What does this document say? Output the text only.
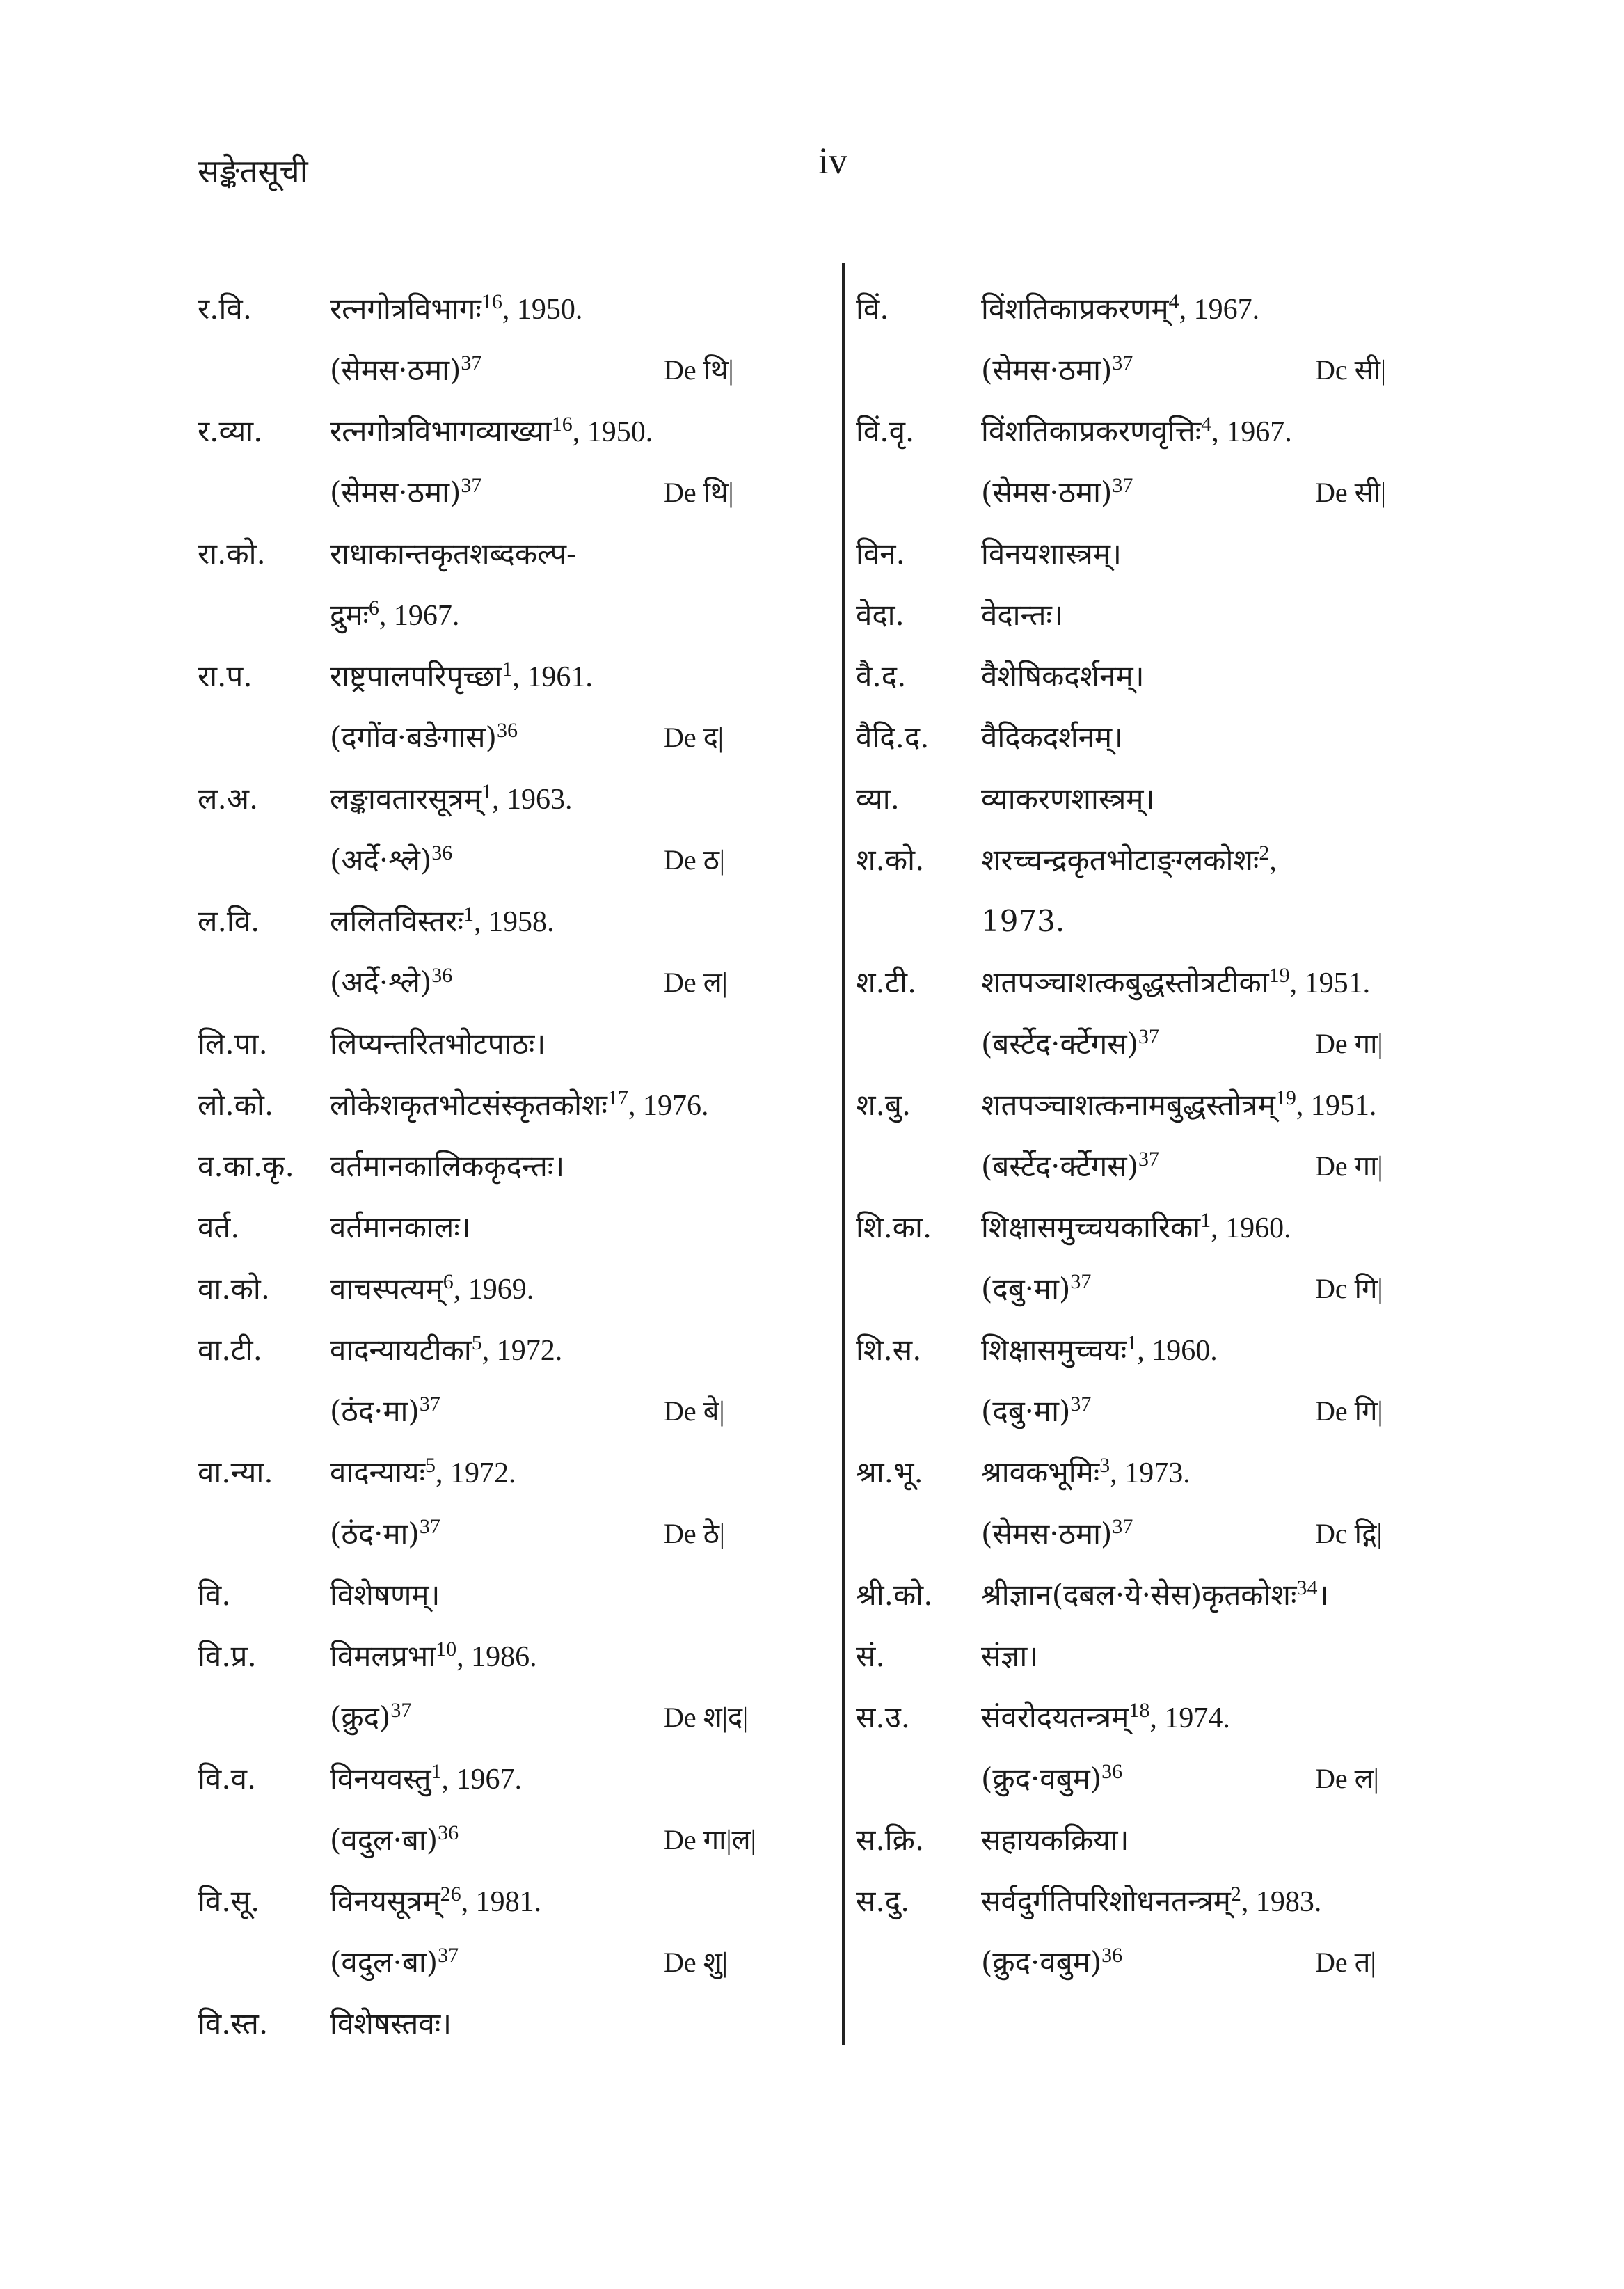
सङ्केतसूची	iv
र.वि.	रत्नगोत्रविभागः$^{16}$, 1950.
(सेमस·ठमा)$^{37}$	De थि|
र.व्या. रत्नगोत्रविभागव्याख्या$^{16}$, 1950.
(सेमस·ठमा)$^{37}$	De थि|
रा.को. राधाकान्तकृतशब्दकल्प-
द्रुमः$^6$, 1967.
रा.प.	राष्ट्रपालपरिपृच्छा$^1$, 1961.
(दगोंव·बङेगास)$^{36}$	De द|
ल.अ. लङ्कावतारसूत्रम्$^1$, 1963.
(अर्दे·श्ले)$^{36}$	De ठ|
ल.वि. ललितविस्तरः$^1$, 1958.
(अर्दे·श्ले)$^{36}$	De ल|
लि.पा. लिप्यन्तरितभोटपाठः।
लो.को. लोकेशकृतभोटसंस्कृतकोशः$^{17}$, 1976.
व.का.कृ. वर्तमानकालिककृदन्तः।
वर्त.	वर्तमानकालः।
वा.को. वाचस्पत्यम्$^6$, 1969.
वा.टी. वादन्यायटीका$^5$, 1972.
(ठंद·मा)$^{37}$	De बे|
वा.न्या. वादन्यायः$^5$, 1972.
(ठंद·मा)$^{37}$	De ठे|
वि.	विशेषणम्।
वि.प्र.	विमलप्रभा$^{10}$, 1986.
(क्रुद)$^{37}$	De श|द|
वि.व.	विनयवस्तु$^1$, 1967.
(वदुल·बा)$^{36}$	De गा|ल|
वि.सू. विनयसूत्रम्$^{26}$, 1981.
(वदुल·बा)$^{37}$	De शु|
वि.स्त. विशेषस्तवः।
विं.	विंशतिकाप्रकरणम्$^4$, 1967.
(सेमस·ठमा)$^{37}$	Dc सी|
विं.वृ. विंशतिकाप्रकरणवृत्तिः$^4$, 1967.
(सेमस·ठमा)$^{37}$	De सी|
विन.	विनयशास्त्रम्।
वेदा.	वेदान्तः।
वै.द.	वैशेषिकदर्शनम्।
वैदि.द. वैदिकदर्शनम्।
व्या.	व्याकरणशास्त्रम्।
श.को. शरच्चन्द्रकृतभोटाङ्ग्लकोशः$^2$,
1973.
श.टी. शतपञ्चाशत्कबुद्धस्तोत्रटीका$^{19}$, 1951.
(बर्स्टेद·र्क्टेगस)$^{37}$	De गा|
श.बु. शतपञ्चाशत्कनामबुद्धस्तोत्रम्$^{19}$, 1951.
(बर्स्टेद·र्क्टेगस)$^{37}$	De गा|
शि.का. शिक्षासमुच्चयकारिका$^1$, 1960.
(दबु·मा)$^{37}$	Dc गि|
शि.स. शिक्षासमुच्चयः$^1$, 1960.
(दबु·मा)$^{37}$	De गि|
श्रा.भू. श्रावकभूमिः$^3$, 1973.
(सेमस·ठमा)$^{37}$	Dc द्गि|
श्री.को. श्रीज्ञान(दबल·ये·सेस)कृतकोशः$^{34}$।
सं.	संज्ञा।
स.उ. संवरोदयतन्त्रम्$^{18}$, 1974.
(क्रुद·वबुम)$^{36}$	De ल|
स.क्रि. सहायकक्रिया।
स.दु. सर्वदुर्गतिपरिशोधनतन्त्रम्$^2$, 1983.
(क्रुद·वबुम)$^{36}$	De त|
